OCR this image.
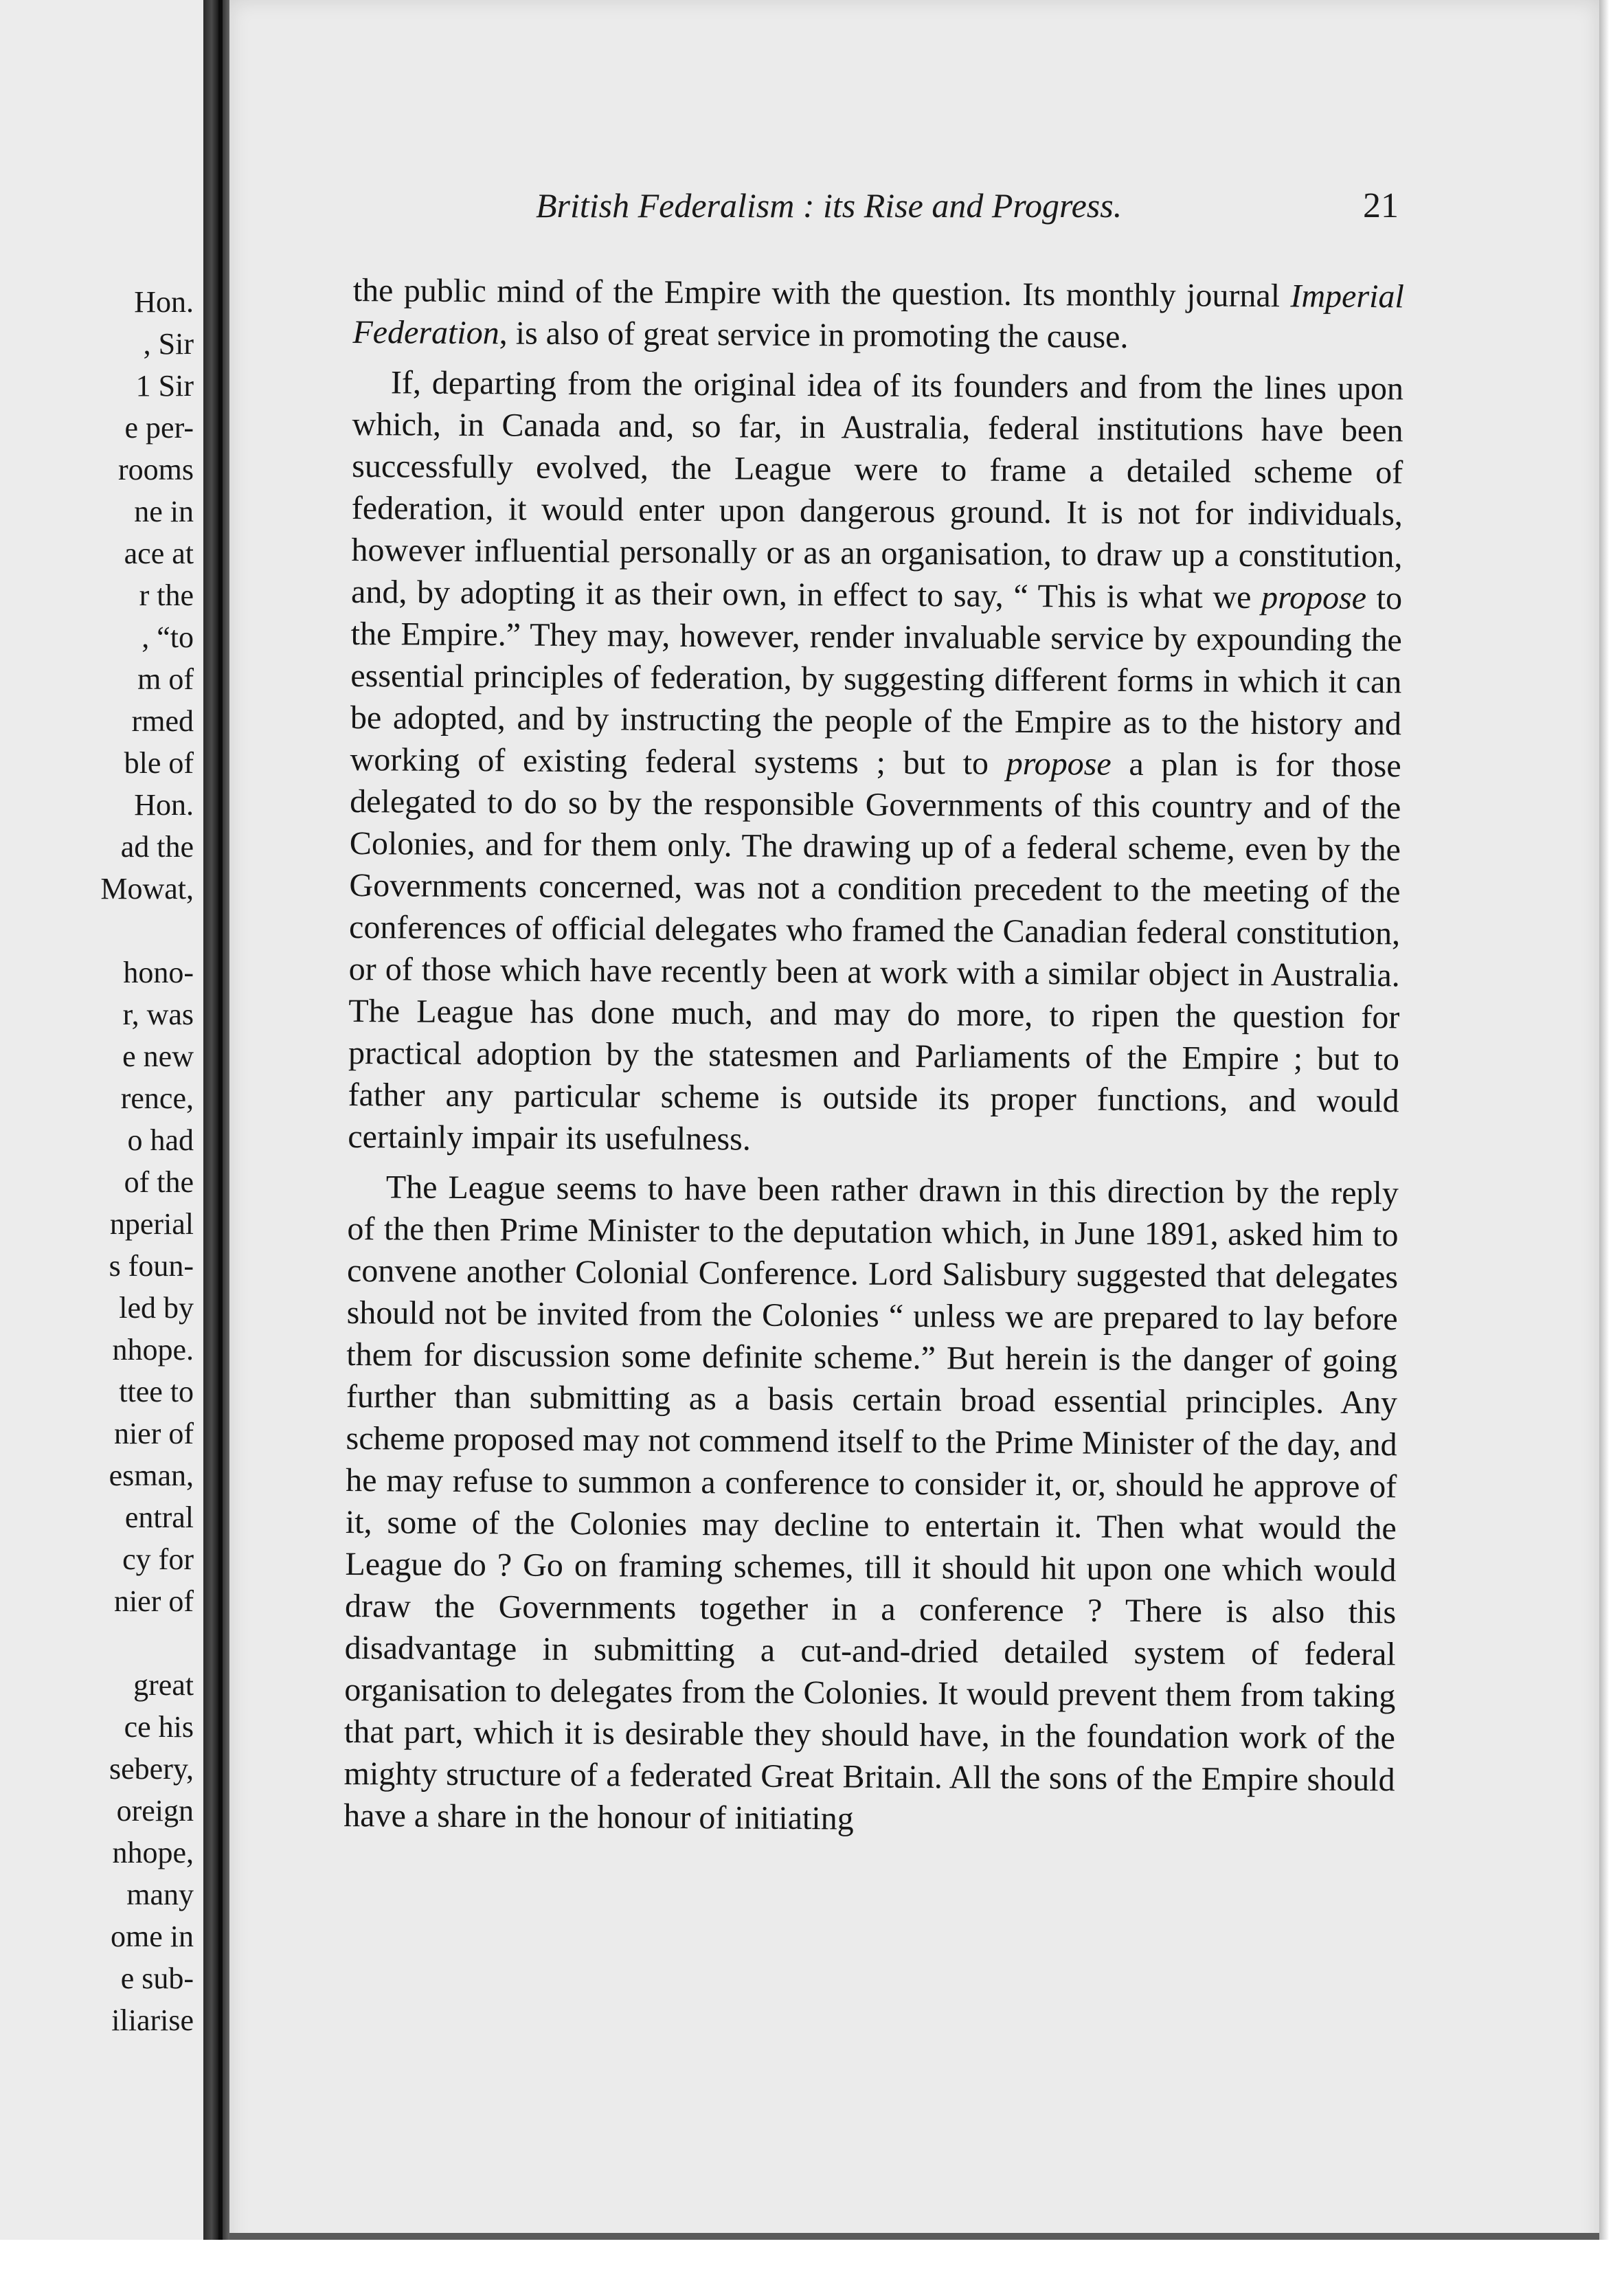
Hon.
, Sir
1 Sir
e per-
rooms
ne in
ace at
r the
, “to
m of
rmed
ble of
Hon.
ad the
Mowat,
hono-
r, was
e new
rence,
o had
of the
nperial
s foun-
led by
nhope.
ttee to
nier of
esman,
entral
cy for
nier of
great
ce his
sebery,
oreign
nhope,
many
ome in
e sub-
iliarise
British Federalism : its Rise and Progress.	21

the public mind of the Empire with the question. Its monthly journal Imperial Federation, is also of great service in promoting the cause.

If, departing from the original idea of its founders and from the lines upon which, in Canada and, so far, in Australia, federal institutions have been successfully evolved, the League were to frame a detailed scheme of federation, it would enter upon dangerous ground. It is not for individuals, however influential personally or as an organisation, to draw up a constitution, and, by adopting it as their own, in effect to say, “ This is what we propose to the Empire.” They may, however, render invaluable service by expounding the essential principles of federation, by suggesting different forms in which it can be adopted, and by instructing the people of the Empire as to the history and working of existing federal systems ; but to propose a plan is for those delegated to do so by the responsible Governments of this country and of the Colonies, and for them only. The drawing up of a federal scheme, even by the Governments concerned, was not a condition precedent to the meeting of the conferences of official delegates who framed the Canadian federal constitution, or of those which have recently been at work with a similar object in Australia. The League has done much, and may do more, to ripen the question for practical adoption by the statesmen and Parliaments of the Empire ; but to father any particular scheme is outside its proper functions, and would certainly impair its usefulness.

The League seems to have been rather drawn in this direction by the reply of the then Prime Minister to the deputation which, in June 1891, asked him to convene another Colonial Conference. Lord Salisbury suggested that delegates should not be invited from the Colonies “ unless we are prepared to lay before them for discussion some definite scheme.” But herein is the danger of going further than submitting as a basis certain broad essential principles. Any scheme proposed may not commend itself to the Prime Minister of the day, and he may refuse to summon a conference to consider it, or, should he approve of it, some of the Colonies may decline to entertain it. Then what would the League do ? Go on framing schemes, till it should hit upon one which would draw the Governments together in a conference ? There is also this disadvantage in submitting a cut-and-dried detailed system of federal organisation to delegates from the Colonies. It would prevent them from taking that part, which it is desirable they should have, in the foundation work of the mighty structure of a federated Great Britain. All the sons of the Empire should have a share in the honour of initiating
